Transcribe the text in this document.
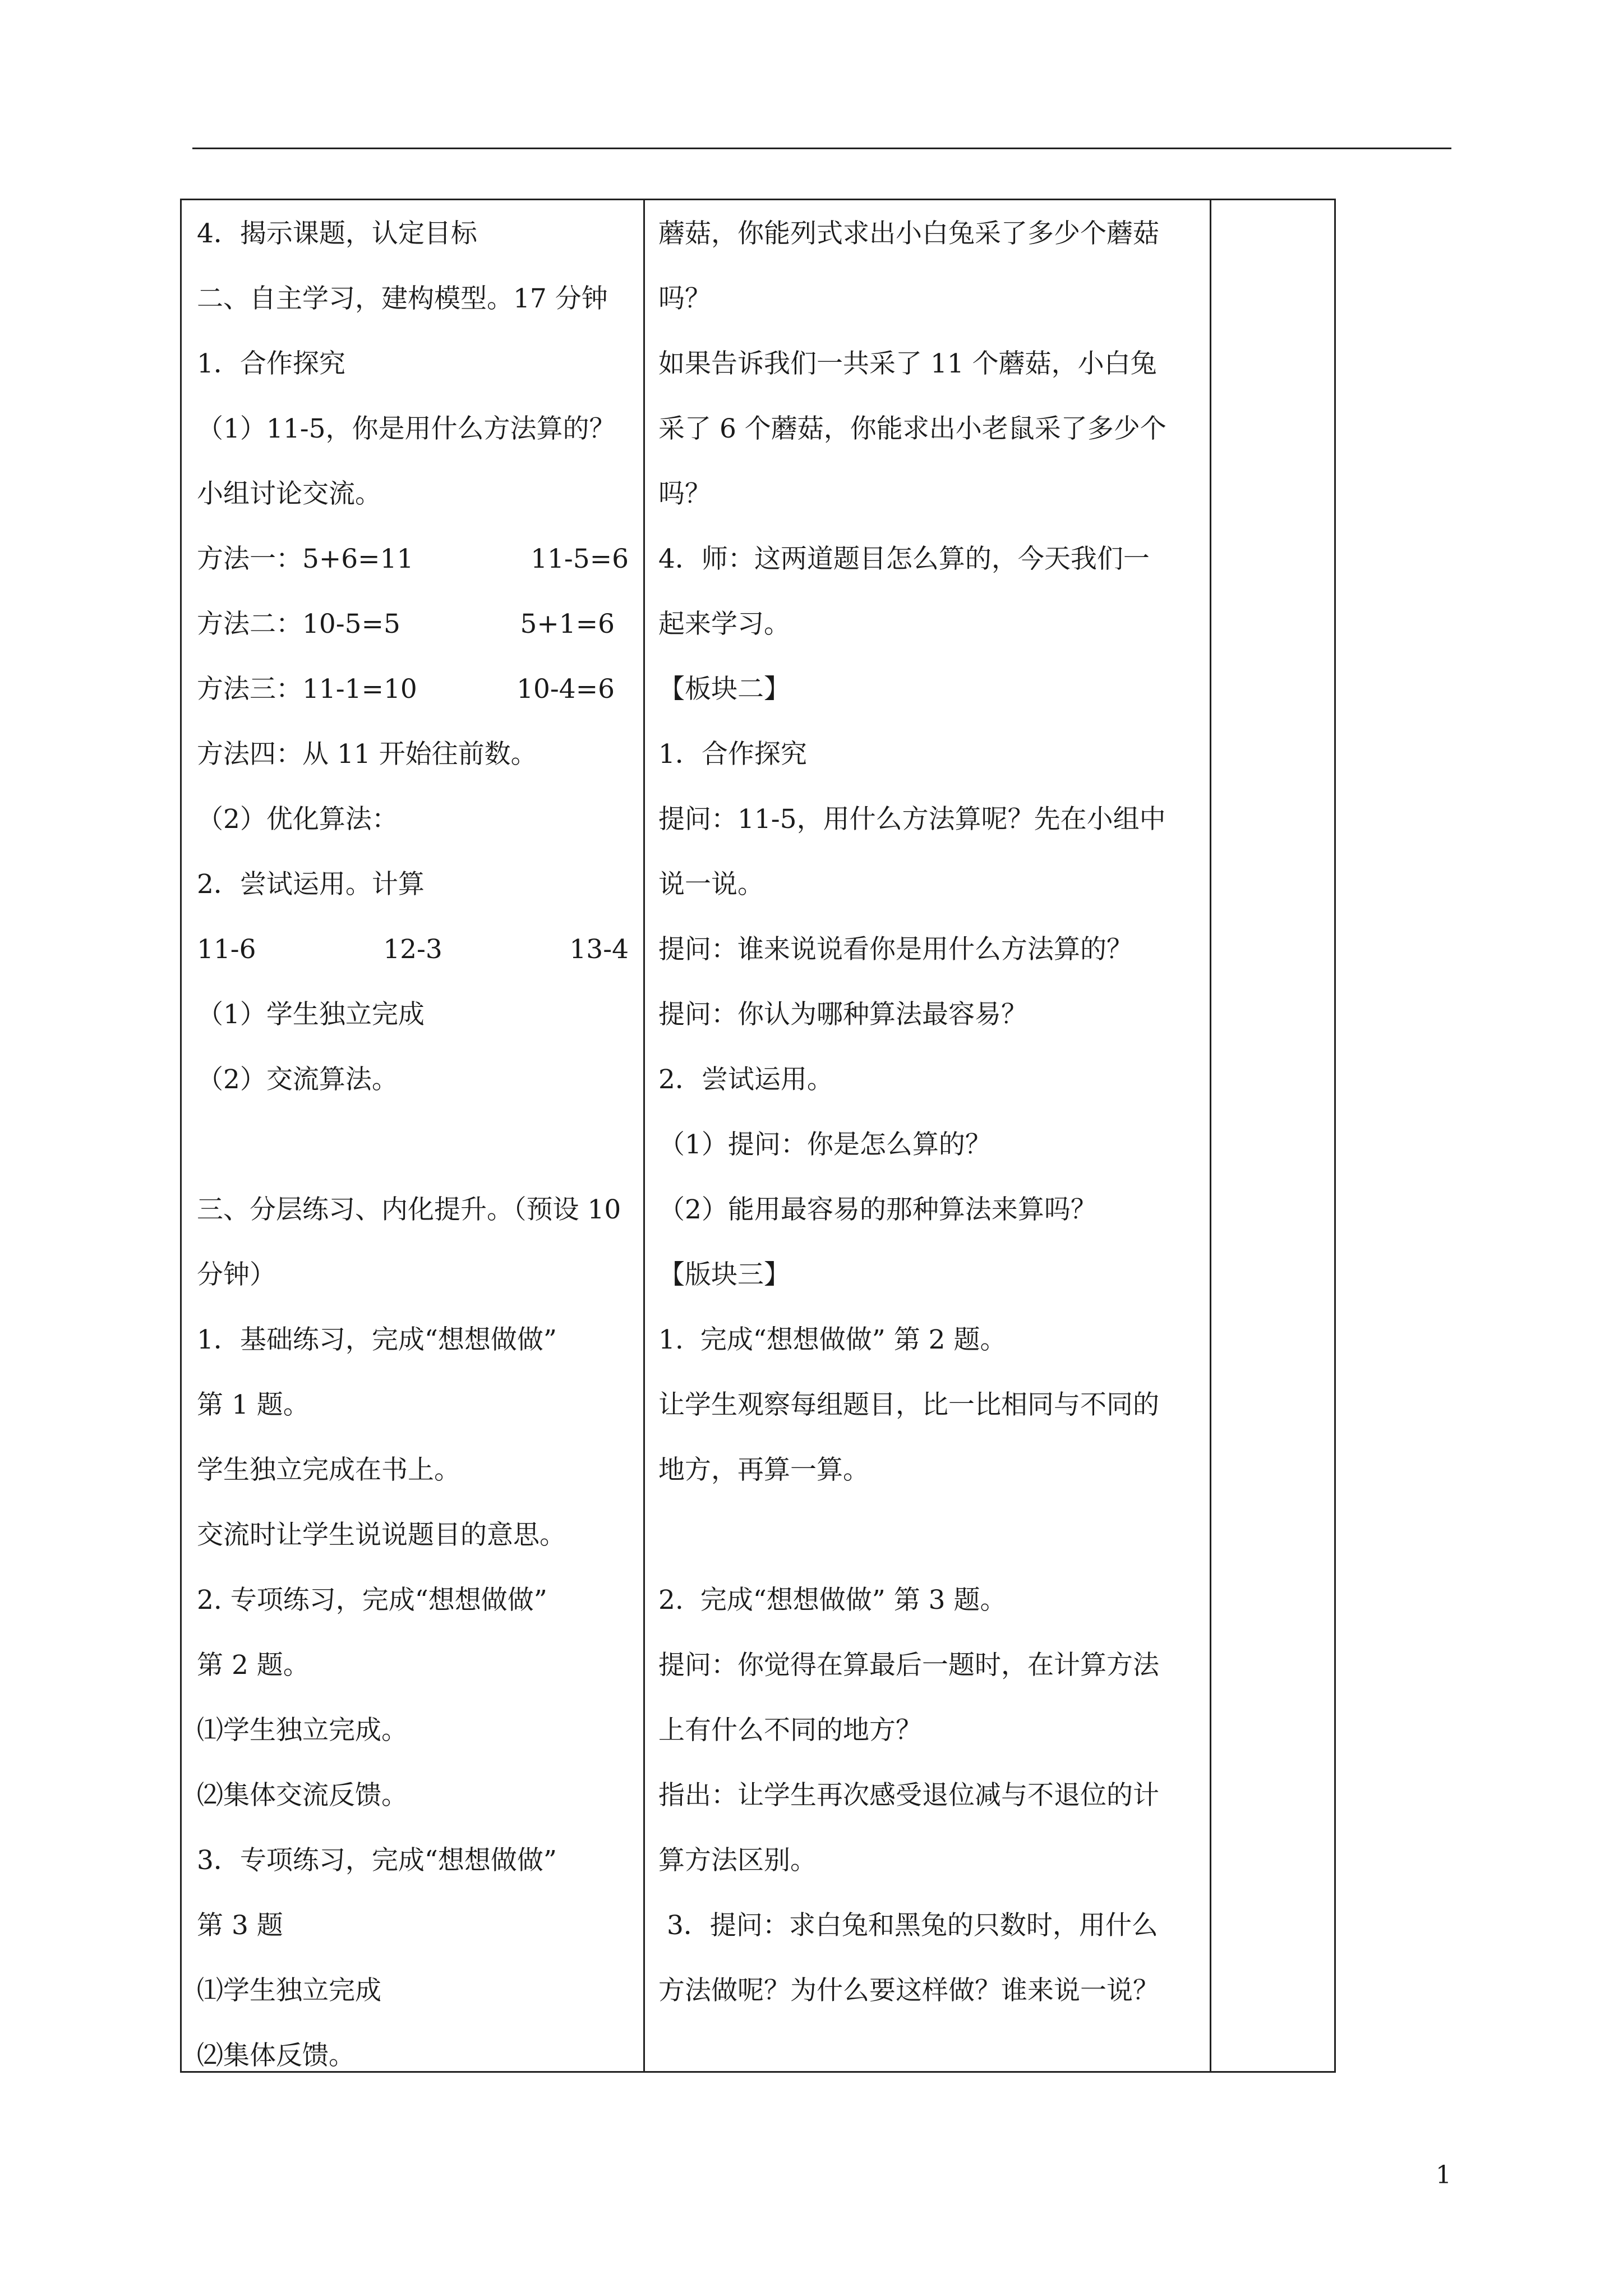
4．揭示课题，认定目标
二、自主学习，建构模型。17 分钟
1．合作探究
（1）11-5，你是用什么方法算的？
小组讨论交流。
方法一：5+6=11	11-5=6
方法二：10-5=5	5+1=6
方法三：11-1=10	10-4=6
方法四：从 11 开始往前数。
（2）优化算法：
2．尝试运用。计算
11-6	12-3	13-4
（1）学生独立完成
（2）交流算法。
三、分层练习、内化提升。（预设 10
分钟）
1．基础练习，完成“想想做做”
第 1 题。
学生独立完成在书上。
交流时让学生说说题目的意思。
2. 专项练习，完成“想想做做”
第 2 题。
⑴学生独立完成。
⑵集体交流反馈。
3．专项练习，完成“想想做做”
第 3 题
⑴学生独立完成
⑵集体反馈。
蘑菇，你能列式求出小白兔采了多少个蘑菇
吗？
如果告诉我们一共采了 11 个蘑菇，小白兔
采了 6 个蘑菇，你能求出小老鼠采了多少个
吗？
4．师：这两道题目怎么算的，今天我们一
起来学习。
【板块二】
1．合作探究
提问：11-5，用什么方法算呢？先在小组中
说一说。
提问：谁来说说看你是用什么方法算的？
提问：你认为哪种算法最容易？
2．尝试运用。
（1）提问：你是怎么算的？
（2）能用最容易的那种算法来算吗？
【版块三】
1.  完成“想想做做” 第 2 题。
让学生观察每组题目，比一比相同与不同的
地方，再算一算。
2.  完成“想想做做” 第 3 题。
提问：你觉得在算最后一题时，在计算方法
上有什么不同的地方？
指出：让学生再次感受退位减与不退位的计
算方法区别。
3．提问：求白兔和黑兔的只数时，用什么
方法做呢？为什么要这样做？谁来说一说？
1
